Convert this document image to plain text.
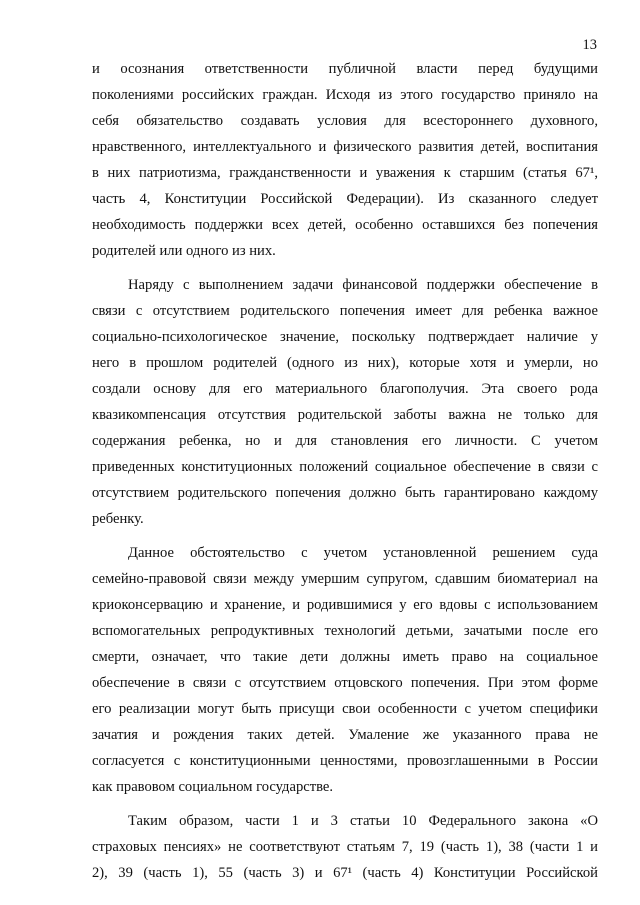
13
и осознания ответственности публичной власти перед будущими
поколениями российских граждан. Исходя из этого государство приняло на
себя обязательство создавать условия для всестороннего духовного,
нравственного, интеллектуального и физического развития детей, воспитания
в них патриотизма, гражданственности и уважения к старшим (статья 67¹,
часть 4, Конституции Российской Федерации). Из сказанного следует
необходимость поддержки всех детей, особенно оставшихся без попечения
родителей или одного из них.
Наряду с выполнением задачи финансовой поддержки обеспечение в
связи с отсутствием родительского попечения имеет для ребенка важное
социально-психологическое значение, поскольку подтверждает наличие у
него в прошлом родителей (одного из них), которые хотя и умерли, но
создали основу для его материального благополучия. Эта своего рода
квазикомпенсация отсутствия родительской заботы важна не только для
содержания ребенка, но и для становления его личности. С учетом
приведенных конституционных положений социальное обеспечение в связи с
отсутствием родительского попечения должно быть гарантировано каждому
ребенку.
Данное обстоятельство с учетом установленной решением суда
семейно-правовой связи между умершим супругом, сдавшим биоматериал на
криоконсервацию и хранение, и родившимися у его вдовы с использованием
вспомогательных репродуктивных технологий детьми, зачатыми после его
смерти, означает, что такие дети должны иметь право на социальное
обеспечение в связи с отсутствием отцовского попечения. При этом форме
его реализации могут быть присущи свои особенности с учетом специфики
зачатия и рождения таких детей. Умаление же указанного права не
согласуется с конституционными ценностями, провозглашенными в России
как правовом социальном государстве.
Таким образом, части 1 и 3 статьи 10 Федерального закона «О
страховых пенсиях» не соответствуют статьям 7, 19 (часть 1), 38 (части 1 и
2), 39 (часть 1), 55 (часть 3) и 67¹ (часть 4) Конституции Российской
